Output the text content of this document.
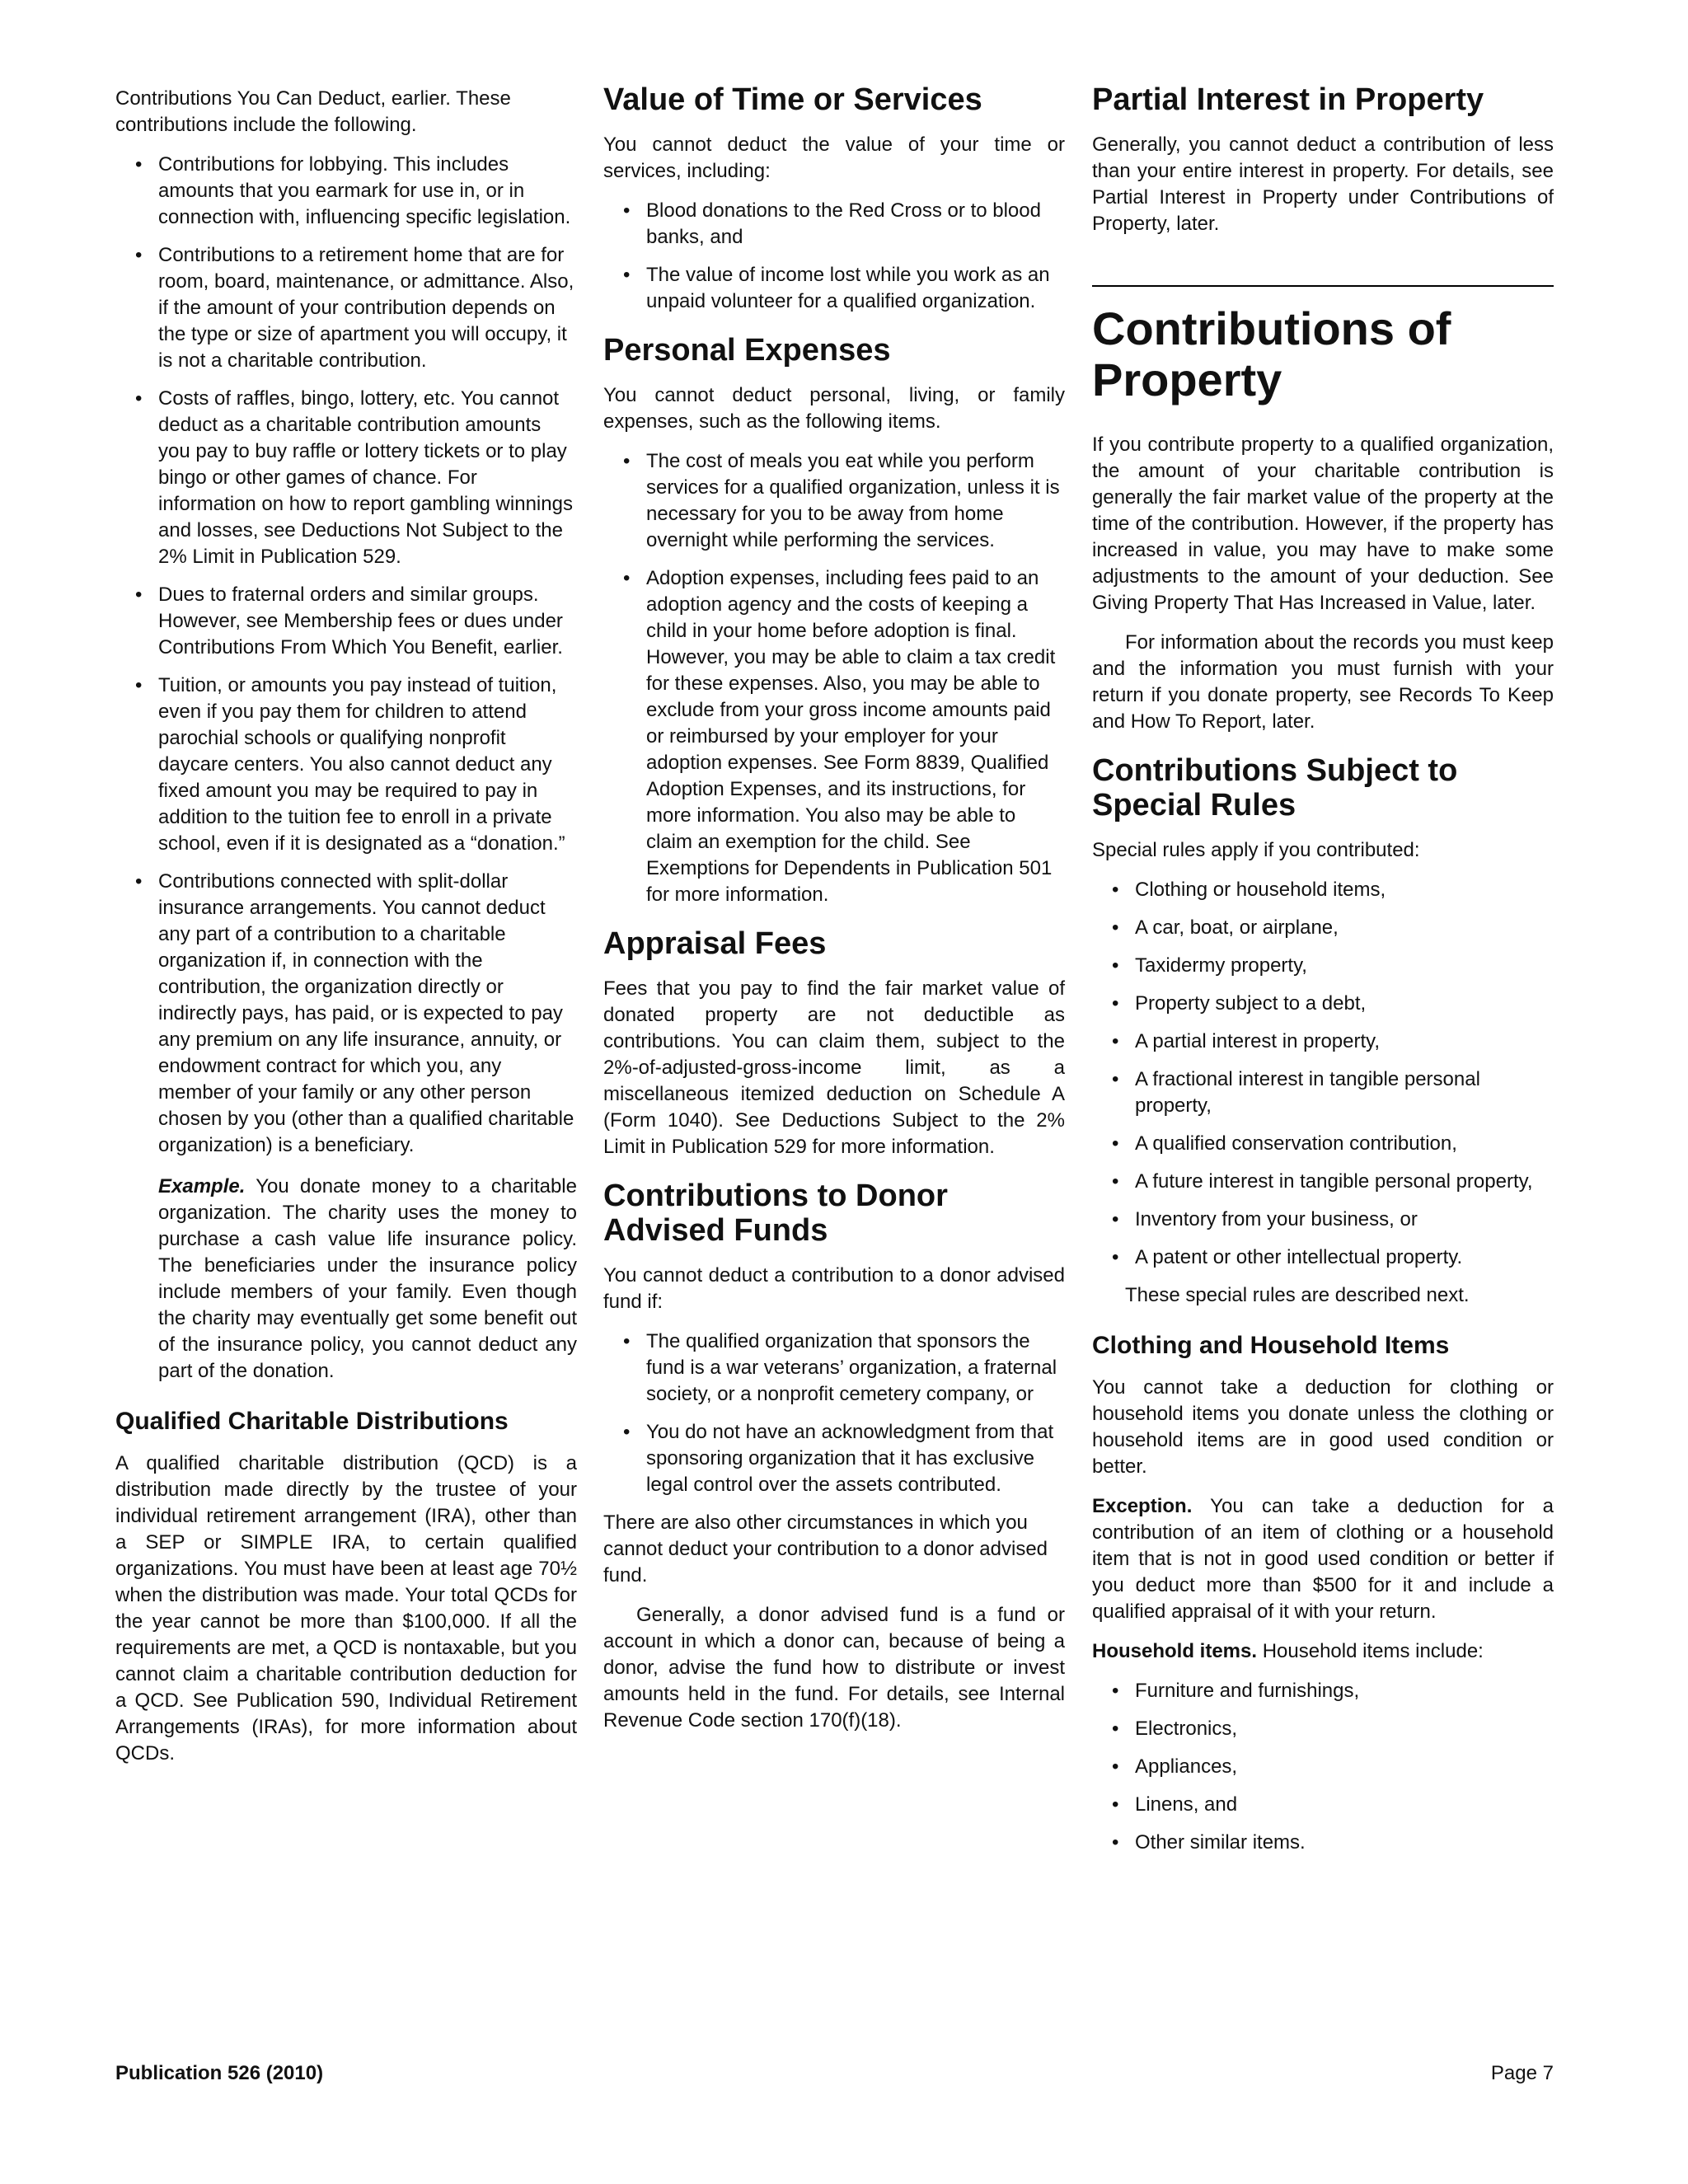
Contributions You Can Deduct, earlier. These contributions include the following.

• Contributions for lobbying. This includes amounts that you earmark for use in, or in connection with, influencing specific legislation.
• Contributions to a retirement home that are for room, board, maintenance, or admittance. Also, if the amount of your contribution depends on the type or size of apartment you will occupy, it is not a charitable contribution.
• Costs of raffles, bingo, lottery, etc. You cannot deduct as a charitable contribution amounts you pay to buy raffle or lottery tickets or to play bingo or other games of chance. For information on how to report gambling winnings and losses, see Deductions Not Subject to the 2% Limit in Publication 529.
• Dues to fraternal orders and similar groups. However, see Membership fees or dues under Contributions From Which You Benefit, earlier.
• Tuition, or amounts you pay instead of tuition, even if you pay them for children to attend parochial schools or qualifying nonprofit daycare centers. You also cannot deduct any fixed amount you may be required to pay in addition to the tuition fee to enroll in a private school, even if it is designated as a “donation.”
• Contributions connected with split-dollar insurance arrangements. You cannot deduct any part of a contribution to a charitable organization if, in connection with the contribution, the organization directly or indirectly pays, has paid, or is expected to pay any premium on any life insurance, annuity, or endowment contract for which you, any member of your family or any other person chosen by you (other than a qualified charitable organization) is a beneficiary.
Example. You donate money to a charitable organization. The charity uses the money to purchase a cash value life insurance policy. The beneficiaries under the insurance policy include members of your family. Even though the charity may eventually get some benefit out of the insurance policy, you cannot deduct any part of the donation.
Qualified Charitable Distributions

A qualified charitable distribution (QCD) is a distribution made directly by the trustee of your individual retirement arrangement (IRA), other than a SEP or SIMPLE IRA, to certain qualified organizations. You must have been at least age 70½ when the distribution was made. Your total QCDs for the year cannot be more than $100,000. If all the requirements are met, a QCD is nontaxable, but you cannot claim a charitable contribution deduction for a QCD. See Publication 590, Individual Retirement Arrangements (IRAs), for more information about QCDs.

Value of Time or Services

You cannot deduct the value of your time or services, including:

• Blood donations to the Red Cross or to blood banks, and
• The value of income lost while you work as an unpaid volunteer for a qualified organization.
Personal Expenses

You cannot deduct personal, living, or family expenses, such as the following items.

• The cost of meals you eat while you perform services for a qualified organization, unless it is necessary for you to be away from home overnight while performing the services.
• Adoption expenses, including fees paid to an adoption agency and the costs of keeping a child in your home before adoption is final. However, you may be able to claim a tax credit for these expenses. Also, you may be able to exclude from your gross income amounts paid or reimbursed by your employer for your adoption expenses. See Form 8839, Qualified Adoption Expenses, and its instructions, for more information. You also may be able to claim an exemption for the child. See Exemptions for Dependents in Publication 501 for more information.
Appraisal Fees

Fees that you pay to find the fair market value of donated property are not deductible as contributions. You can claim them, subject to the 2%-of-adjusted-gross-income limit, as a miscellaneous itemized deduction on Schedule A (Form 1040). See Deductions Subject to the 2% Limit in Publication 529 for more information.

Contributions to Donor Advised Funds

You cannot deduct a contribution to a donor advised fund if:

• The qualified organization that sponsors the fund is a war veterans’ organization, a fraternal society, or a nonprofit cemetery company, or
• You do not have an acknowledgment from that sponsoring organization that it has exclusive legal control over the assets contributed.

There are also other circumstances in which you cannot deduct your contribution to a donor advised fund.

Generally, a donor advised fund is a fund or account in which a donor can, because of being a donor, advise the fund how to distribute or invest amounts held in the fund. For details, see Internal Revenue Code section 170(f)(18).

Partial Interest in Property

Generally, you cannot deduct a contribution of less than your entire interest in property. For details, see Partial Interest in Property under Contributions of Property, later.

Contributions of Property

If you contribute property to a qualified organization, the amount of your charitable contribution is generally the fair market value of the property at the time of the contribution. However, if the property has increased in value, you may have to make some adjustments to the amount of your deduction. See Giving Property That Has Increased in Value, later.

For information about the records you must keep and the information you must furnish with your return if you donate property, see Records To Keep and How To Report, later.

Contributions Subject to Special Rules

Special rules apply if you contributed:

• Clothing or household items,
• A car, boat, or airplane,
• Taxidermy property,
• Property subject to a debt,
• A partial interest in property,
• A fractional interest in tangible personal property,
• A qualified conservation contribution,
• A future interest in tangible personal property,
• Inventory from your business, or
• A patent or other intellectual property.

These special rules are described next.

Clothing and Household Items

You cannot take a deduction for clothing or household items you donate unless the clothing or household items are in good used condition or better.

Exception. You can take a deduction for a contribution of an item of clothing or a household item that is not in good used condition or better if you deduct more than $500 for it and include a qualified appraisal of it with your return.

Household items. Household items include:

• Furniture and furnishings,
• Electronics,
• Appliances,
• Linens, and
• Other similar items.
Publication 526 (2010)	Page 7
